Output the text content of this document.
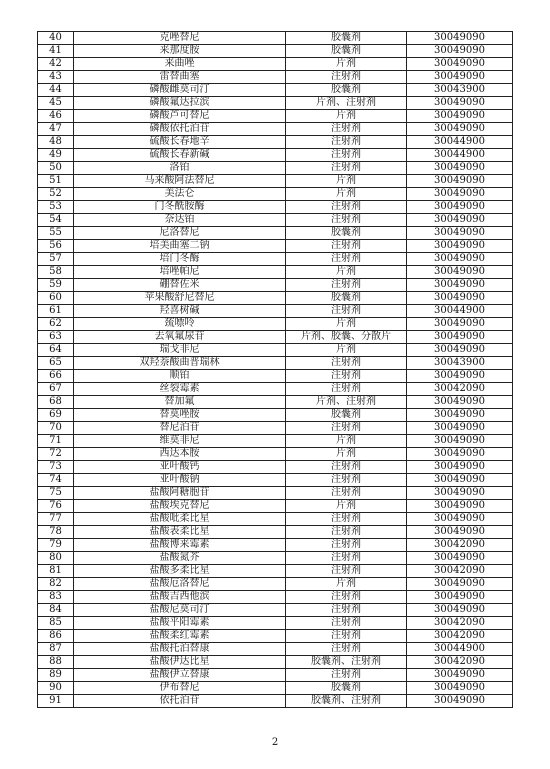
40	克唑替尼	胶囊剂	30049090
41	来那度胺	胶囊剂	30049090
42	来曲唑	片剂	30049090
43	雷替曲塞	注射剂	30049090
44	磷酸雌莫司汀	胶囊剂	30043900
45	磷酸氟达拉滨	片剂、注射剂	30049090
46	磷酸芦可替尼	片剂	30049090
47	磷酸依托泊苷	注射剂	30049090
48	硫酸长春地辛	注射剂	30044900
49	硫酸长春新碱	注射剂	30044900
50	洛铂	注射剂	30049090
51	马来酸阿法替尼	片剂	30049090
52	美法仑	片剂	30049090
53	门冬酰胺酶	注射剂	30049090
54	奈达铂	注射剂	30049090
55	尼洛替尼	胶囊剂	30049090
56	培美曲塞二钠	注射剂	30049090
57	培门冬酶	注射剂	30049090
58	培唑帕尼	片剂	30049090
59	硼替佐米	注射剂	30049090
60	苹果酸舒尼替尼	胶囊剂	30049090
61	羟喜树碱	注射剂	30044900
62	巯嘌呤	片剂	30049090
63	去氧氟尿苷	片剂、胶囊、分散片	30049090
64	瑞戈非尼	片剂	30049090
65	双羟萘酸曲普瑞林	注射剂	30043900
66	顺铂	注射剂	30049090
67	丝裂霉素	注射剂	30042090
68	替加氟	片剂、注射剂	30049090
69	替莫唑胺	胶囊剂	30049090
70	替尼泊苷	注射剂	30049090
71	维莫非尼	片剂	30049090
72	西达本胺	片剂	30049090
73	亚叶酸钙	注射剂	30049090
74	亚叶酸钠	注射剂	30049090
75	盐酸阿糖胞苷	注射剂	30049090
76	盐酸埃克替尼	片剂	30049090
77	盐酸吡柔比星	注射剂	30049090
78	盐酸表柔比星	注射剂	30049090
79	盐酸博来霉素	注射剂	30042090
80	盐酸氮芥	注射剂	30049090
81	盐酸多柔比星	注射剂	30042090
82	盐酸厄洛替尼	片剂	30049090
83	盐酸吉西他滨	注射剂	30049090
84	盐酸尼莫司汀	注射剂	30049090
85	盐酸平阳霉素	注射剂	30042090
86	盐酸柔红霉素	注射剂	30042090
87	盐酸托泊替康	注射剂	30044900
88	盐酸伊达比星	胶囊剂、注射剂	30042090
89	盐酸伊立替康	注射剂	30049090
90	伊布替尼	胶囊剂	30049090
91	依托泊苷	胶囊剂、注射剂	30049090
2
